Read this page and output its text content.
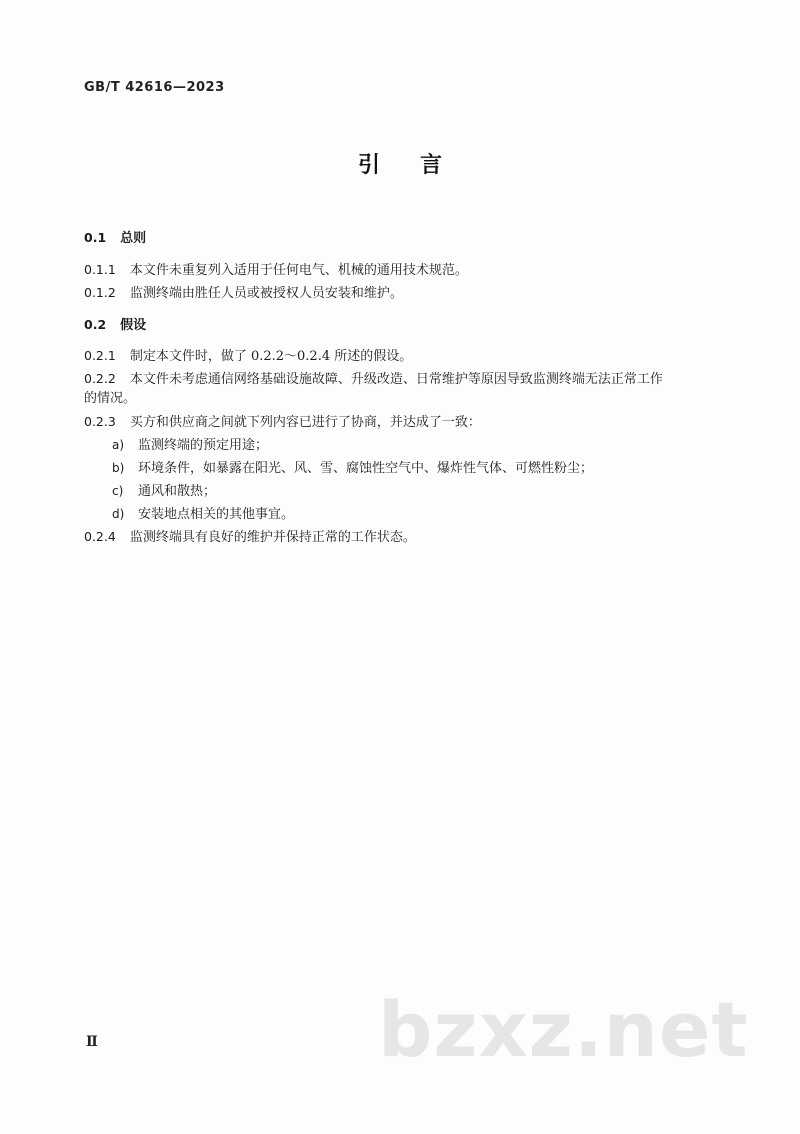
GB/T 42616—2023
引言
0.1 总则
0.1.1 本文件未重复列入适用于任何电气、机械的通用技术规范。
0.1.2 监测终端由胜任人员或被授权人员安装和维护。
0.2 假设
0.2.1 制定本文件时，做了 0.2.2～0.2.4 所述的假设。
0.2.2 本文件未考虑通信网络基础设施故障、升级改造、日常维护等原因导致监测终端无法正常工作
的情况。
0.2.3 买方和供应商之间就下列内容已进行了协商，并达成了一致：
a) 监测终端的预定用途；
b) 环境条件，如暴露在阳光、风、雪、腐蚀性空气中、爆炸性气体、可燃性粉尘；
c) 通风和散热；
d) 安装地点相关的其他事宜。
0.2.4 监测终端具有良好的维护并保持正常的工作状态。
bzxz.net
Ⅱ
